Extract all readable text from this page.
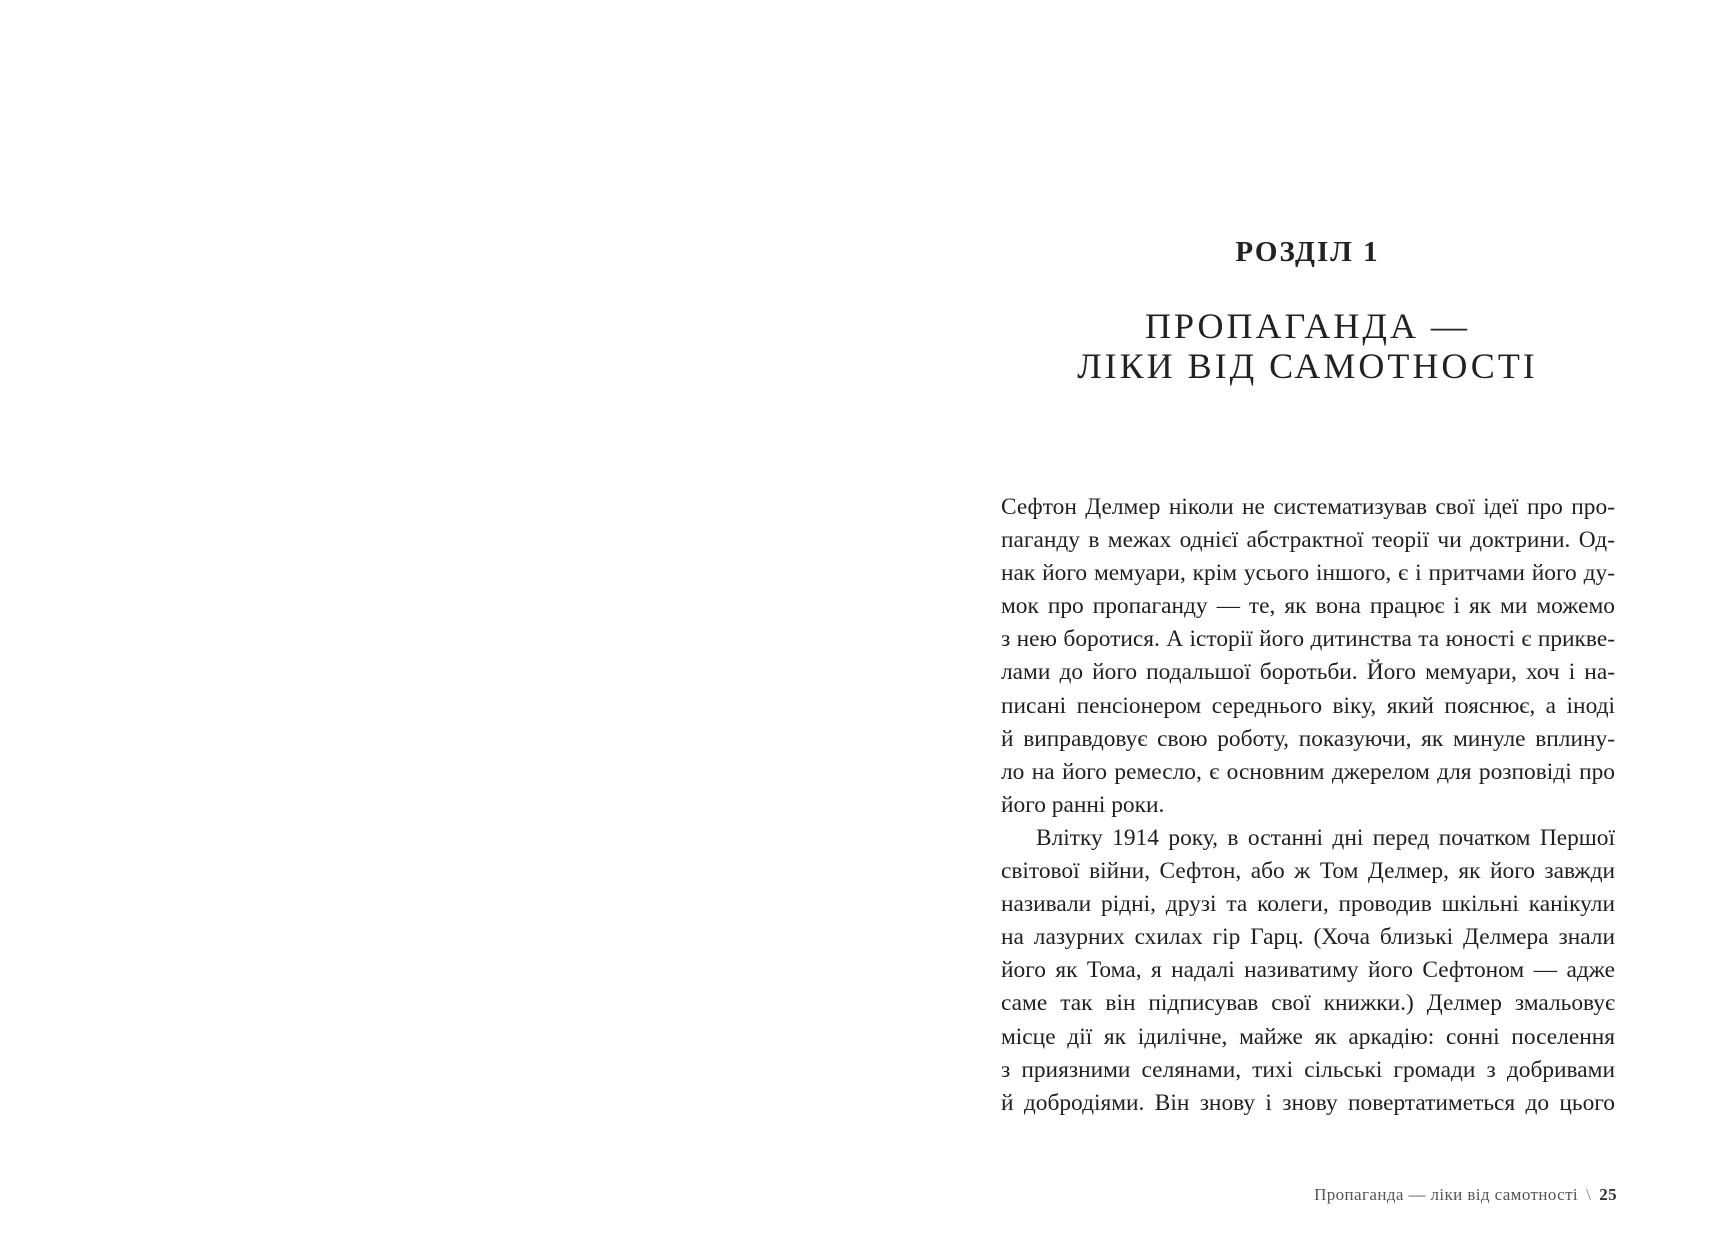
РОЗДІЛ 1
ПРОПАГАНДА —
ЛІКИ ВІД САМОТНОСТІ
Сефтон Делмер ніколи не систематизував свої ідеї про про-
паганду в межах однієї абстрактної теорії чи доктрини. Од-
нак його мемуари, крім усього іншого, є і притчами його ду-
мок про пропаганду — те, як вона працює і як ми можемо
з нею боротися. А історії його дитинства та юності є прикве-
лами до його подальшої боротьби. Його мемуари, хоч і на-
писані пенсіонером середнього віку, який пояснює, а іноді
й виправдовує свою роботу, показуючи, як минуле вплину-
ло на його ремесло, є основним джерелом для розповіді про
його ранні роки.
Влітку 1914 року, в останні дні перед початком Першої
світової війни, Сефтон, або ж Том Делмер, як його завжди
називали рідні, друзі та колеги, проводив шкільні канікули
на лазурних схилах гір Гарц. (Хоча близькі Делмера знали
його як Тома, я надалі називатиму його Сефтоном — адже
саме так він підписував свої книжки.) Делмер змальовує
місце дії як ідилічне, майже як аркадію: сонні поселення
з приязними селянами, тихі сільські громади з добривами
й добродіями. Він знову і знову повертатиметься до цього
Пропаганда — ліки від самотності \ 25
